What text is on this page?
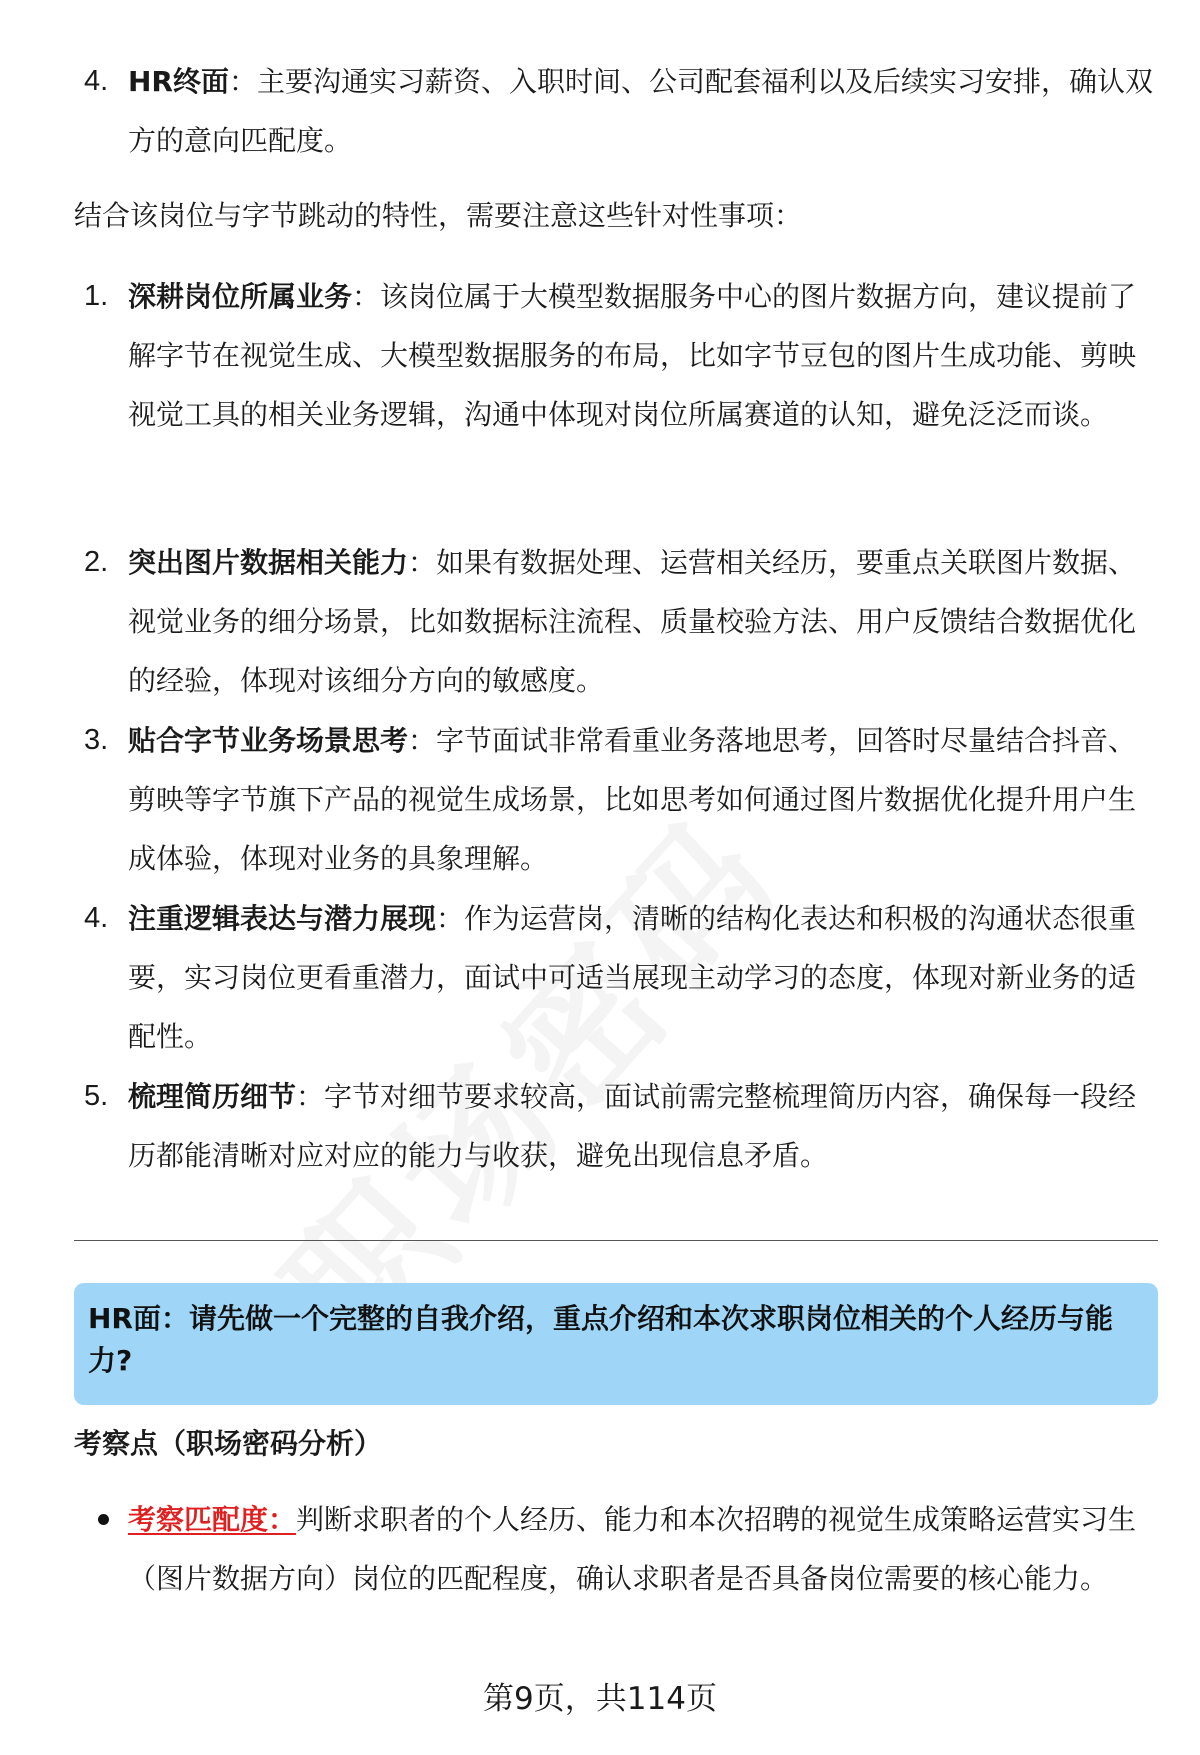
4. HR终面：主要沟通实习薪资、入职时间、公司配套福利以及后续实习安排，确认双方的意向匹配度。
结合该岗位与字节跳动的特性，需要注意这些针对性事项：
1. 深耕岗位所属业务：该岗位属于大模型数据服务中心的图片数据方向，建议提前了解字节在视觉生成、大模型数据服务的布局，比如字节豆包的图片生成功能、剪映视觉工具的相关业务逻辑，沟通中体现对岗位所属赛道的认知，避免泛泛而谈。
2. 突出图片数据相关能力：如果有数据处理、运营相关经历，要重点关联图片数据、视觉业务的细分场景，比如数据标注流程、质量校验方法、用户反馈结合数据优化的经验，体现对该细分方向的敏感度。
3. 贴合字节业务场景思考：字节面试非常看重业务落地思考，回答时尽量结合抖音、剪映等字节旗下产品的视觉生成场景，比如思考如何通过图片数据优化提升用户生成体验，体现对业务的具象理解。
4. 注重逻辑表达与潜力展现：作为运营岗，清晰的结构化表达和积极的沟通状态很重要，实习岗位更看重潜力，面试中可适当展现主动学习的态度，体现对新业务的适配性。
5. 梳理简历细节：字节对细节要求较高，面试前需完整梳理简历内容，确保每一段经历都能清晰对应对应的能力与收获，避免出现信息矛盾。
HR面：请先做一个完整的自我介绍，重点介绍和本次求职岗位相关的个人经历与能力?
考察点（职场密码分析）
考察匹配度：判断求职者的个人经历、能力和本次招聘的视觉生成策略运营实习生（图片数据方向）岗位的匹配程度，确认求职者是否具备岗位需要的核心能力。
第9页，共114页
